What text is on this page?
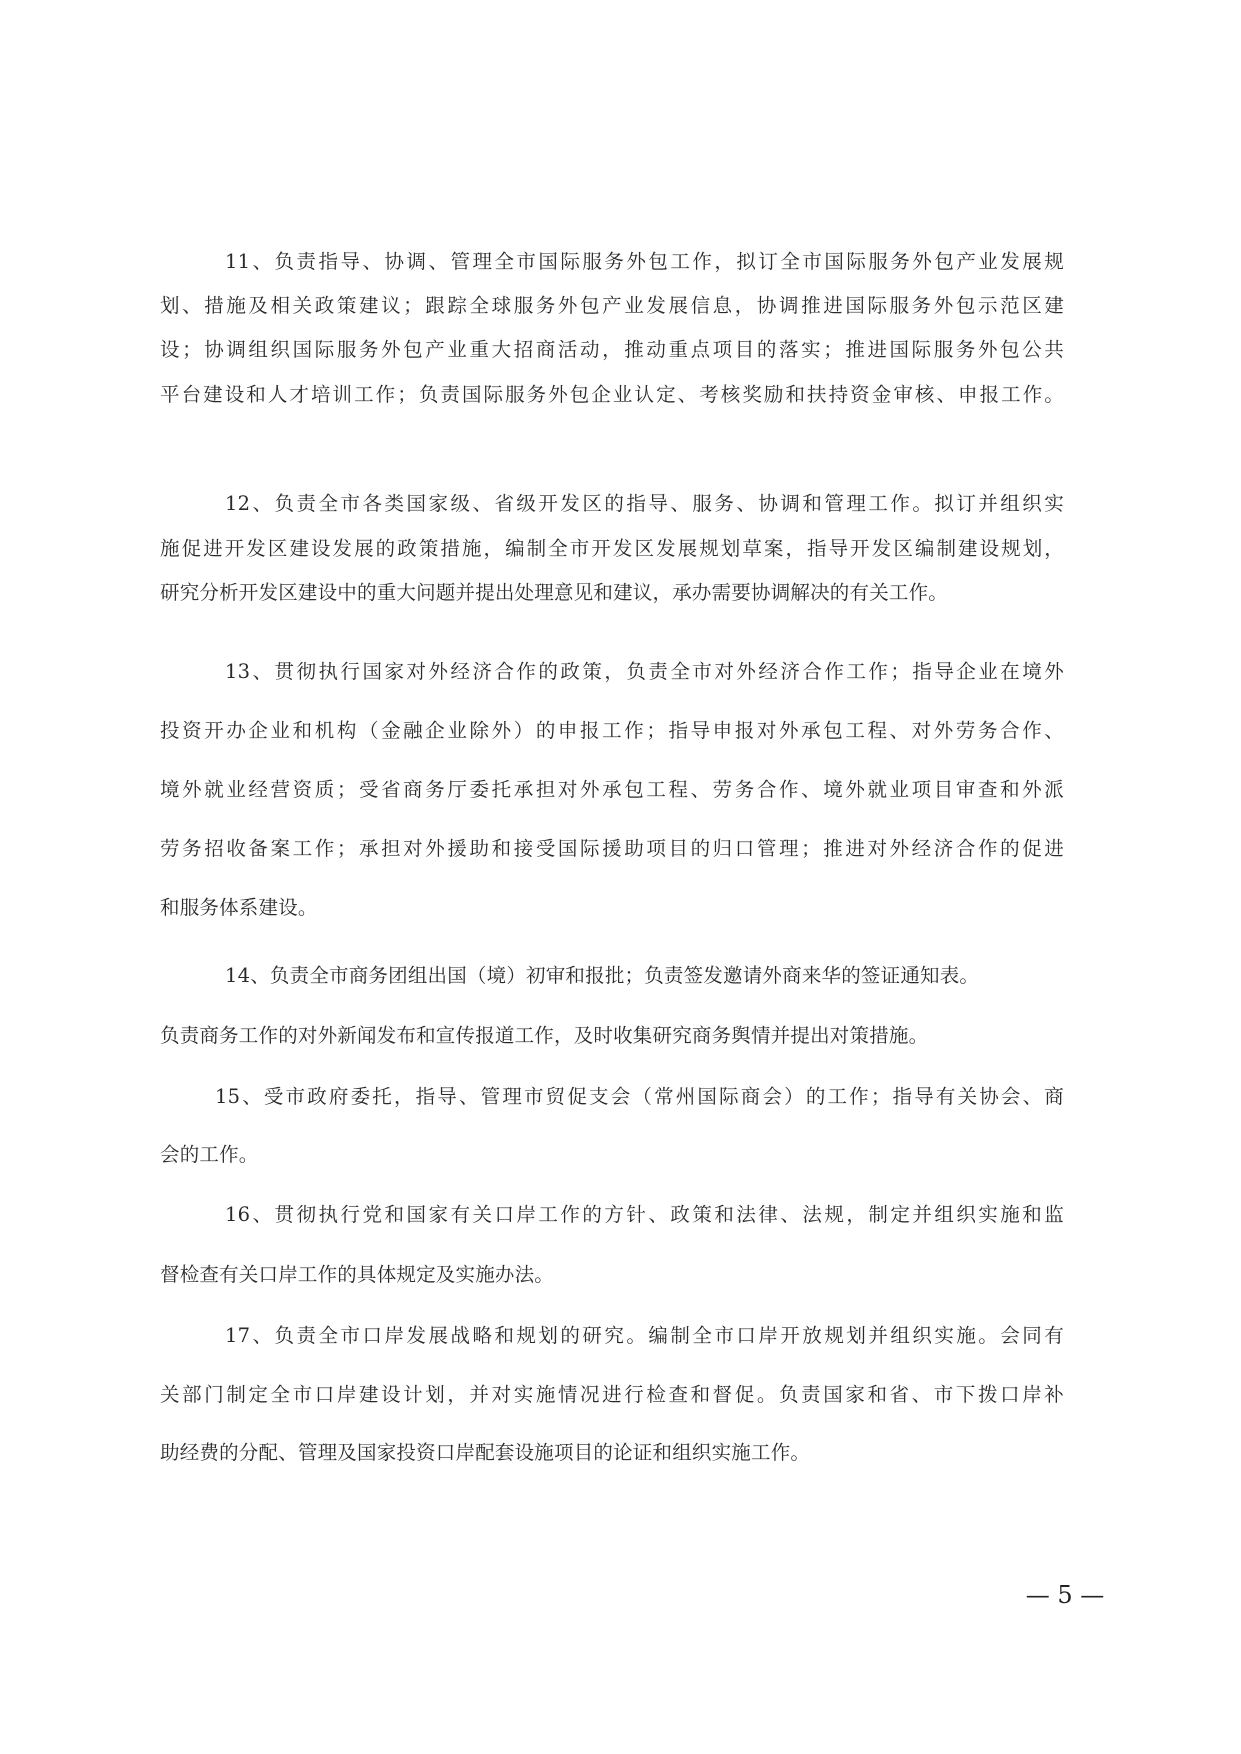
11、负责指导、协调、管理全市国际服务外包工作，拟订全市国际服务外包产业发展规
划、措施及相关政策建议；跟踪全球服务外包产业发展信息，协调推进国际服务外包示范区建
设；协调组织国际服务外包产业重大招商活动，推动重点项目的落实；推进国际服务外包公共
平台建设和人才培训工作；负责国际服务外包企业认定、考核奖励和扶持资金审核、申报工作。
12、负责全市各类国家级、省级开发区的指导、服务、协调和管理工作。拟订并组织实
施促进开发区建设发展的政策措施，编制全市开发区发展规划草案，指导开发区编制建设规划，
研究分析开发区建设中的重大问题并提出处理意见和建议，承办需要协调解决的有关工作。
13、贯彻执行国家对外经济合作的政策，负责全市对外经济合作工作；指导企业在境外
投资开办企业和机构（金融企业除外）的申报工作；指导申报对外承包工程、对外劳务合作、
境外就业经营资质；受省商务厅委托承担对外承包工程、劳务合作、境外就业项目审查和外派
劳务招收备案工作；承担对外援助和接受国际援助项目的归口管理；推进对外经济合作的促进
和服务体系建设。
14、负责全市商务团组出国（境）初审和报批；负责签发邀请外商来华的签证通知表。
负责商务工作的对外新闻发布和宣传报道工作，及时收集研究商务舆情并提出对策措施。
15、受市政府委托，指导、管理市贸促支会（常州国际商会）的工作；指导有关协会、商
会的工作。
16、贯彻执行党和国家有关口岸工作的方针、政策和法律、法规，制定并组织实施和监
督检查有关口岸工作的具体规定及实施办法。
17、负责全市口岸发展战略和规划的研究。编制全市口岸开放规划并组织实施。会同有
关部门制定全市口岸建设计划，并对实施情况进行检查和督促。负责国家和省、市下拨口岸补
助经费的分配、管理及国家投资口岸配套设施项目的论证和组织实施工作。
— 5 —
